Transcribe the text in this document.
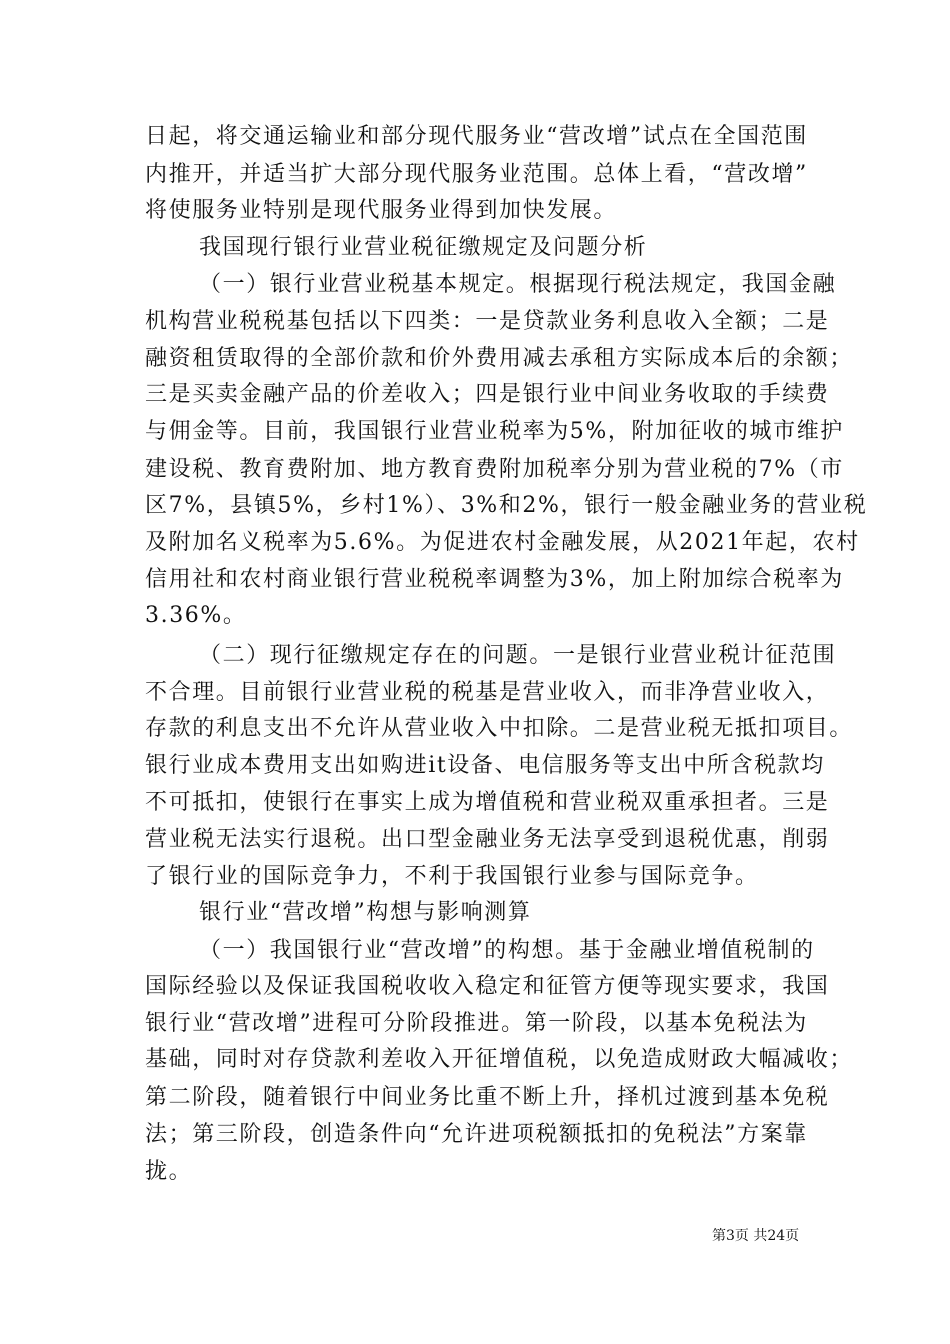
日起，将交通运输业和部分现代服务业“营改增”试点在全国范围
内推开，并适当扩大部分现代服务业范围。总体上看，“营改增”
将使服务业特别是现代服务业得到加快发展。
我国现行银行业营业税征缴规定及问题分析
（一）银行业营业税基本规定。根据现行税法规定，我国金融
机构营业税税基包括以下四类：一是贷款业务利息收入全额；二是
融资租赁取得的全部价款和价外费用减去承租方实际成本后的余额；
三是买卖金融产品的价差收入；四是银行业中间业务收取的手续费
与佣金等。目前，我国银行业营业税率为5%，附加征收的城市维护
建设税、教育费附加、地方教育费附加税率分别为营业税的7%（市
区7%，县镇5%，乡村1%）、3%和2%，银行一般金融业务的营业税
及附加名义税率为5.6%。为促进农村金融发展，从2021年起，农村
信用社和农村商业银行营业税税率调整为3%，加上附加综合税率为
3.36%。
（二）现行征缴规定存在的问题。一是银行业营业税计征范围
不合理。目前银行业营业税的税基是营业收入，而非净营业收入，
存款的利息支出不允许从营业收入中扣除。二是营业税无抵扣项目。
银行业成本费用支出如购进it设备、电信服务等支出中所含税款均
不可抵扣，使银行在事实上成为增值税和营业税双重承担者。三是
营业税无法实行退税。出口型金融业务无法享受到退税优惠，削弱
了银行业的国际竞争力，不利于我国银行业参与国际竞争。
银行业“营改增”构想与影响测算
（一）我国银行业“营改增”的构想。基于金融业增值税制的
国际经验以及保证我国税收收入稳定和征管方便等现实要求，我国
银行业“营改增”进程可分阶段推进。第一阶段，以基本免税法为
基础，同时对存贷款利差收入开征增值税，以免造成财政大幅减收；
第二阶段，随着银行中间业务比重不断上升，择机过渡到基本免税
法；第三阶段，创造条件向“允许进项税额抵扣的免税法”方案靠
拢。
第3页 共24页
